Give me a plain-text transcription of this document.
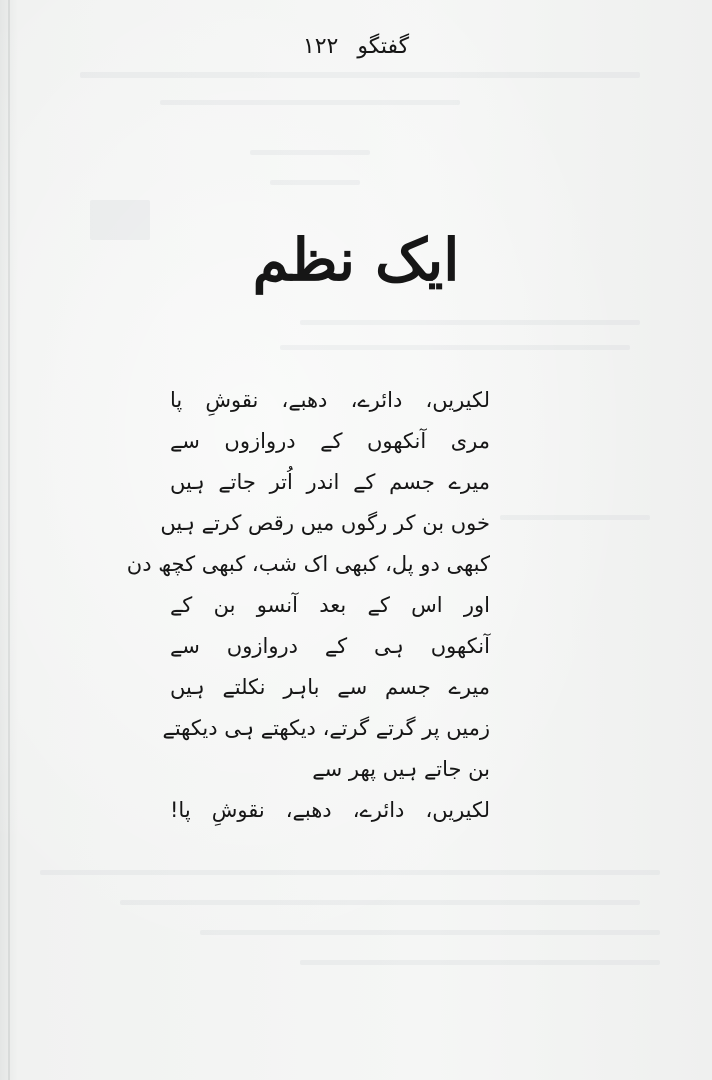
گفتگو ۱۲۲
ایک نظم
لکیریں، دائرے، دھبے، نقوشِ پا
مری آنکھوں کے دروازوں سے
میرے جسم کے اندر اُتر جاتے ہیں
خوں بن کر رگوں میں رقص کرتے ہیں
کبھی دو پل، کبھی اک شب، کبھی کچھ دن
اور اس کے بعد آنسو بن کے
آنکھوں ہی کے دروازوں سے
میرے جسم سے باہر نکلتے ہیں
زمیں پر گرتے گرتے، دیکھتے ہی دیکھتے
بن جاتے ہیں پھر سے
لکیریں، دائرے، دھبے، نقوشِ پا!
